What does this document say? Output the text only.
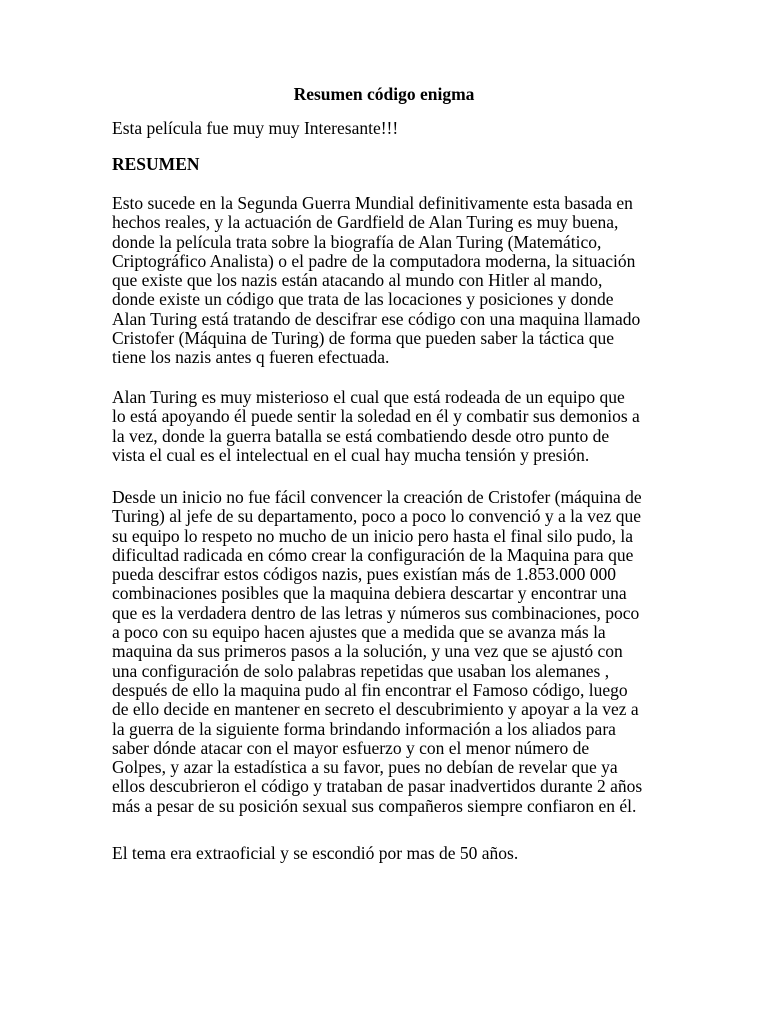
Resumen código enigma

Esta película fue muy muy Interesante!!!

RESUMEN

Esto sucede en la Segunda Guerra Mundial definitivamente esta basada en
hechos reales, y la actuación de Gardfield de Alan Turing es muy buena,
donde la película trata sobre la biografía de Alan Turing (Matemático,
Criptográfico Analista) o el padre de la computadora moderna, la situación
que existe que los nazis están atacando al mundo con Hitler al mando,
donde existe un código que trata de las locaciones y posiciones y donde
Alan Turing está tratando de descifrar ese código con una maquina llamado
Cristofer (Máquina de Turing) de forma que pueden saber la táctica que
tiene los nazis antes q fueren efectuada.

Alan Turing es muy misterioso el cual que está rodeada de un equipo que
lo está apoyando él puede sentir la soledad en él y combatir sus demonios a
la vez, donde la guerra batalla se está combatiendo desde otro punto de
vista el cual es el intelectual en el cual hay mucha tensión y presión.

Desde un inicio no fue fácil convencer la creación de Cristofer (máquina de
Turing) al jefe de su departamento, poco a poco lo convenció y a la vez que
su equipo lo respeto no mucho de un inicio pero hasta el final silo pudo, la
dificultad radicada en cómo crear la configuración de la Maquina para que
pueda descifrar estos códigos nazis, pues existían más de 1.853.000 000
combinaciones posibles que la maquina debiera descartar y encontrar una
que es la verdadera dentro de las letras y números sus combinaciones, poco
a poco con su equipo hacen ajustes que a medida que se avanza más la
maquina da sus primeros pasos a la solución, y una vez que se ajustó con
una configuración de solo palabras repetidas que usaban los alemanes ,
después de ello la maquina pudo al fin encontrar el Famoso código, luego
de ello decide en mantener en secreto el descubrimiento y apoyar a la vez a
la guerra de la siguiente forma brindando información a los aliados para
saber dónde atacar con el mayor esfuerzo y con el menor número de
Golpes, y azar la estadística a su favor, pues no debían de revelar que ya
ellos descubrieron el código y trataban de pasar inadvertidos durante 2 años
más a pesar de su posición sexual sus compañeros siempre confiaron en él.

El tema era extraoficial y se escondió por mas de 50 años.
